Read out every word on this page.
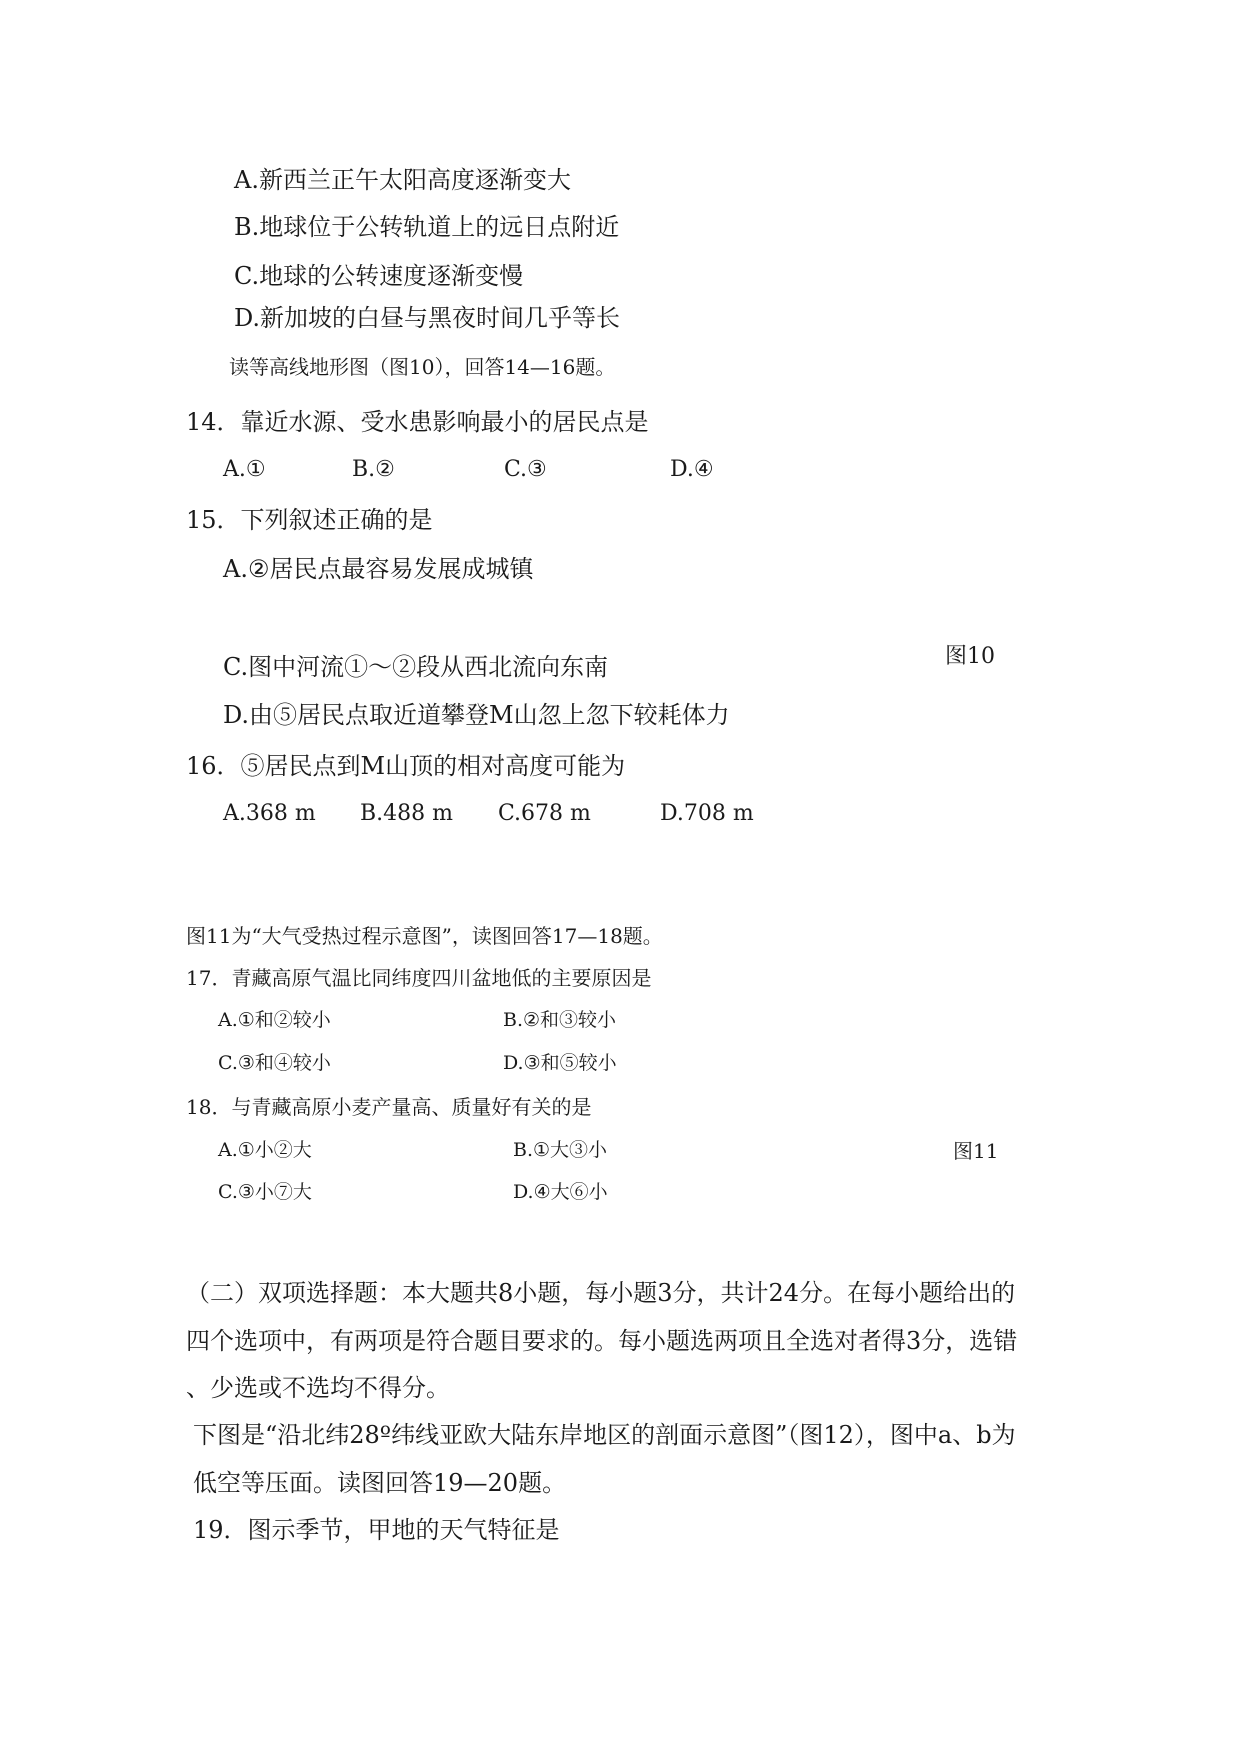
A.新西兰正午太阳高度逐渐变大
B.地球位于公转轨道上的远日点附近
C.地球的公转速度逐渐变慢
D.新加坡的白昼与黑夜时间几乎等长
读等高线地形图（图10），回答14—16题。
14．靠近水源、受水患影响最小的居民点是
A.①	B.②	C.③	D.④
15．下列叙述正确的是
A.②居民点最容易发展成城镇
C.图中河流①～②段从西北流向东南	图10
D.由⑤居民点取近道攀登M山忽上忽下较耗体力
16．⑤居民点到M山顶的相对高度可能为
A.368 m B.488 m C.678 m	D.708 m
图11为“大气受热过程示意图”，读图回答17—18题。
17．青藏高原气温比同纬度四川盆地低的主要原因是
A.①和②较小	B.②和③较小
C.③和④较小	D.③和⑤较小
18．与青藏高原小麦产量高、质量好有关的是
A.①小②大	B.①大③小	图11
C.③小⑦大	D.④大⑥小
（二）双项选择题：本大题共8小题，每小题3分，共计24分。在每小题给出的
四个选项中，有两项是符合题目要求的。每小题选两项且全选对者得3分，选错
、少选或不选均不得分。
下图是“沿北纬28º纬线亚欧大陆东岸地区的剖面示意图”（图12），图中a、b为
低空等压面。读图回答19—20题。
19．图示季节，甲地的天气特征是
